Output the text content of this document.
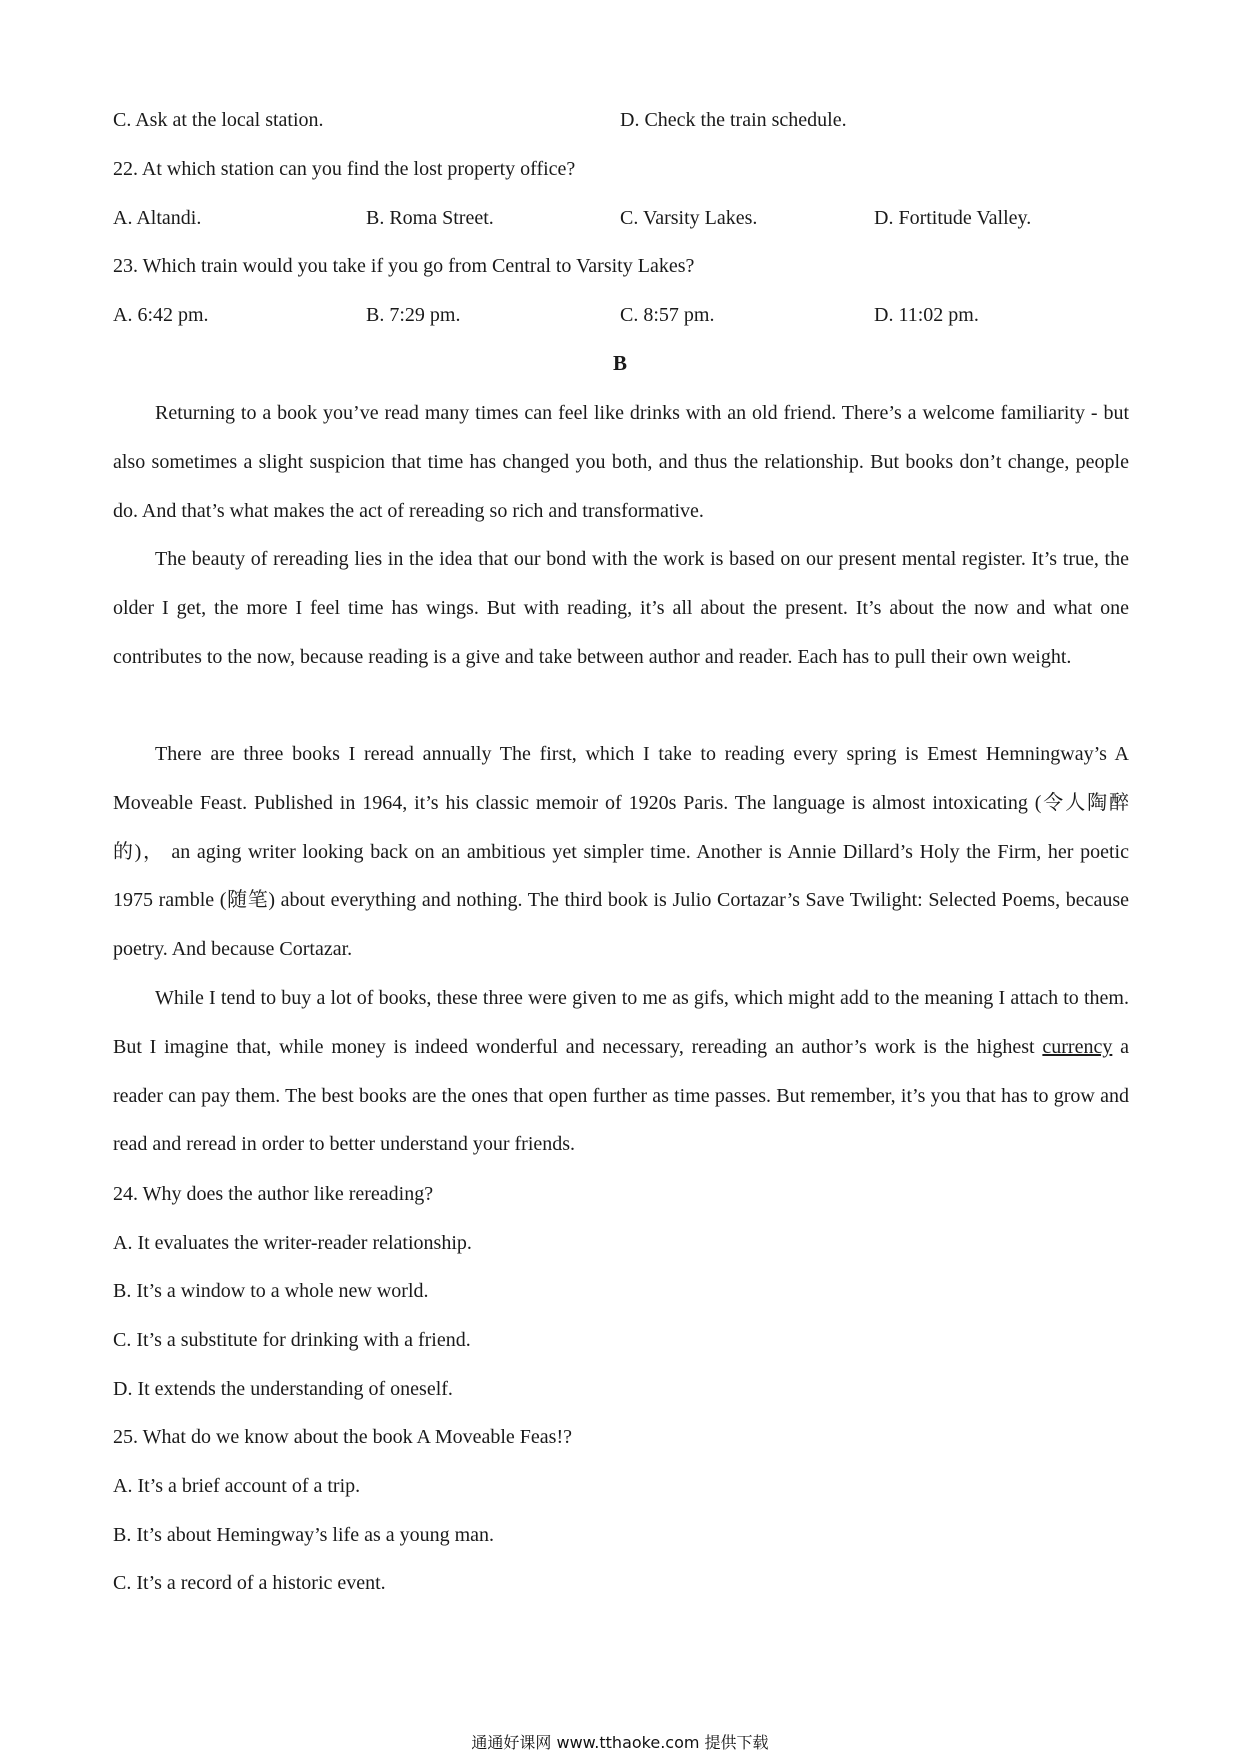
C. Ask at the local station.	D. Check the train schedule.
22. At which station can you find the lost property office?
A. Altandi.	B. Roma Street.	C. Varsity Lakes.	D. Fortitude Valley.
23. Which train would you take if you go from Central to Varsity Lakes?
A. 6:42 pm.	B. 7:29 pm.	C. 8:57 pm.	D. 11:02 pm.
B

Returning to a book you’ve read many times can feel like drinks with an old friend. There’s a welcome familiarity - but also sometimes a slight suspicion that time has changed you both, and thus the relationship. But books don’t change, people do. And that’s what makes the act of rereading so rich and transformative.

The beauty of rereading lies in the idea that our bond with the work is based on our present mental register. It’s true, the older I get, the more I feel time has wings. But with reading, it’s all about the present. It’s about the now and what one contributes to the now, because reading is a give and take between author and reader. Each has to pull their own weight.

There are three books I reread annually The first, which I take to reading every spring is Emest Hemningway’s A Moveable Feast. Published in 1964, it’s his classic memoir of 1920s Paris. The language is almost intoxicating (令人陶醉的)， an aging writer looking back on an ambitious yet simpler time. Another is Annie Dillard’s Holy the Firm, her poetic 1975 ramble (随笔) about everything and nothing. The third book is Julio Cortazar’s Save Twilight: Selected Poems, because poetry. And because Cortazar.

While I tend to buy a lot of books, these three were given to me as gifs, which might add to the meaning I attach to them. But I imagine that, while money is indeed wonderful and necessary, rereading an author’s work is the highest currency a reader can pay them. The best books are the ones that open further as time passes. But remember, it’s you that has to grow and read and reread in order to better understand your friends.

24. Why does the author like rereading?
A. It evaluates the writer-reader relationship.
B. It’s a window to a whole new world.
C. It’s a substitute for drinking with a friend.
D. It extends the understanding of oneself.
25. What do we know about the book A Moveable Feas!?
A. It’s a brief account of a trip.
B. It’s about Hemingway’s life as a young man.
C. It’s a record of a historic event.
通通好课网 www.tthaoke.com 提供下载
